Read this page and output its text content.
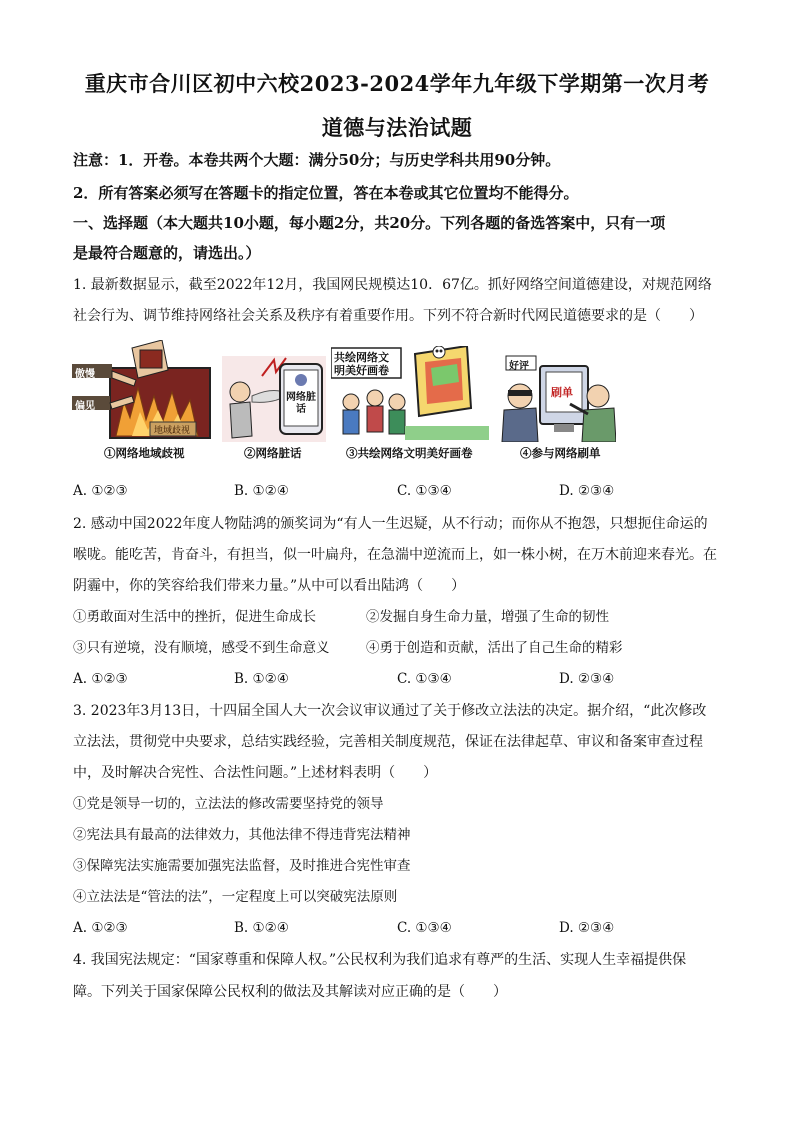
重庆市合川区初中六校2023-2024学年九年级下学期第一次月考
道德与法治试题
注意：1．开卷。本卷共两个大题：满分50分；与历史学科共用90分钟。
2．所有答案必须写在答题卡的指定位置，答在本卷或其它位置均不能得分。
一、选择题（本大题共10小题，每小题2分，共20分。下列各题的备选答案中，只有一项
是最符合题意的，请选出。）
1. 最新数据显示，截至2022年12月，我国网民规模达10．67亿。抓好网络空间道德建设，对规范网络
社会行为、调节维持网络社会关系及秩序有着重要作用。下列不符合新时代网民道德要求的是（　　）
傲慢
偏见
地域歧视
网络脏话
共绘网络文
明美好画卷	好评
刷单
①网络地域歧视	②网络脏话	③共绘网络文明美好画卷	④参与网络刷单
A. ①②③	B. ①②④	C. ①③④	D. ②③④
2. 感动中国2022年度人物陆鸿的颁奖词为“有人一生迟疑，从不行动；而你从不抱怨，只想扼住命运的
喉咙。能吃苦，肯奋斗，有担当，似一叶扁舟，在急湍中逆流而上，如一株小树，在万木前迎来春光。在
阴霾中，你的笑容给我们带来力量。”从中可以看出陆鸿（　　）
①勇敢面对生活中的挫折，促进生命成长	②发掘自身生命力量，增强了生命的韧性
③只有逆境，没有顺境，感受不到生命意义	④勇于创造和贡献，活出了自己生命的精彩
A. ①②③	B. ①②④	C. ①③④	D. ②③④
3. 2023年3月13日，十四届全国人大一次会议审议通过了关于修改立法法的决定。据介绍，“此次修改
立法法，贯彻党中央要求，总结实践经验，完善相关制度规范，保证在法律起草、审议和备案审查过程
中，及时解决合宪性、合法性问题。”上述材料表明（　　）
①党是领导一切的，立法法的修改需要坚持党的领导
②宪法具有最高的法律效力，其他法律不得违背宪法精神
③保障宪法实施需要加强宪法监督，及时推进合宪性审查
④立法法是“管法的法”，一定程度上可以突破宪法原则
A. ①②③	B. ①②④	C. ①③④	D. ②③④
4. 我国宪法规定：“国家尊重和保障人权。”公民权利为我们追求有尊严的生活、实现人生幸福提供保
障。下列关于国家保障公民权利的做法及其解读对应正确的是（　　）
